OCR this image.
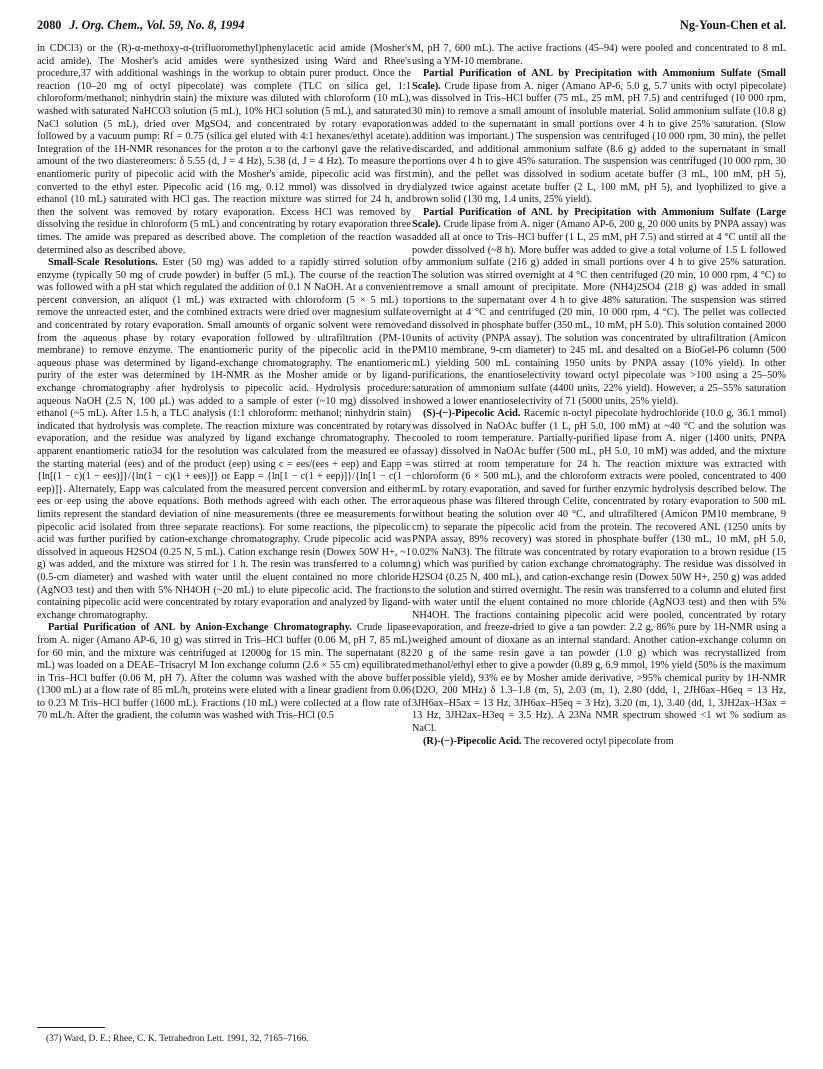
2080 J. Org. Chem., Vol. 59, No. 8, 1994	Ng-Youn-Chen et al.

in CDCl3) or the (R)-α-methoxy-α-(trifluoromethyl)phenylacetic acid amide (Mosher's acid amide). The Mosher's acid amides were synthesized using Ward and Rhee's procedure,37 with additional washings in the workup to obtain purer product. Once the reaction (10–20 mg of octyl pipecolate) was complete (TLC on silica gel, 1:1 chloroform/methanol; ninhydrin stain) the mixture was diluted with chloroform (10 mL), washed with saturated NaHCO3 solution (5 mL), 10% HCl solution (5 mL), and saturated NaCl solution (5 mL), dried over MgSO4, and concentrated by rotary evaporation followed by a vacuum pump: Rf = 0.75 (silica gel eluted with 4:1 hexanes/ethyl acetate). Integration of the 1H-NMR resonances for the proton α to the carbonyl gave the relative amount of the two diastereomers: δ 5.55 (d, J = 4 Hz), 5.38 (d, J = 4 Hz). To measure the enantiomeric purity of pipecolic acid with the Mosher's amide, pipecolic acid was first converted to the ethyl ester. Pipecolic acid (16 mg, 0.12 mmol) was dissolved in dry ethanol (10 mL) saturated with HCl gas. The reaction mixture was stirred for 24 h, and then the solvent was removed by rotary evaporation. Excess HCl was removed by dissolving the residue in chloroform (5 mL) and concentrating by rotary evaporation three times. The amide was prepared as described above. The completion of the reaction was determined also as described above.

Small-Scale Resolutions. Ester (50 mg) was added to a rapidly stirred solution of enzyme (typically 50 mg of crude powder) in buffer (5 mL). The course of the reaction was followed with a pH stat which regulated the addition of 0.1 N NaOH. At a convenient percent conversion, an aliquot (1 mL) was extracted with chloroform (5 × 5 mL) to remove the unreacted ester, and the combined extracts were dried over magnesium sulfate and concentrated by rotary evaporation. Small amounts of organic solvent were removed from the aqueous phase by rotary evaporation followed by ultrafiltration (PM-10 membrane) to remove enzyme. The enantiomeric purity of the pipecolic acid in the aqueous phase was determined by ligand-exchange chromatography. The enantiomeric purity of the ester was determined by 1H-NMR as the Mosher amide or by ligand-exchange chromatography after hydrolysis to pipecolic acid. Hydrolysis procedure: aqueous NaOH (2.5 N, 100 μL) was added to a sample of ester (~10 mg) dissolved in ethanol (~5 mL). After 1.5 h, a TLC analysis (1:1 chloroform: methanol; ninhydrin stain) indicated that hydrolysis was complete. The reaction mixture was concentrated by rotary evaporation, and the residue was analyzed by ligand exchange chromatography. The apparent enantiomeric ratio34 for the resolution was calculated from the measured ee of the starting material (ees) and of the product (eep) using c = ees/(ees + eep) and Eapp = {ln[(1 − c)(1 − ees)]}/{ln(1 − c)(1 + ees)]} or Eapp = {ln[1 − c(1 + eep)]}/{ln[1 − c(1 − eep)]}. Alternately, Eapp was calculated from the measured percent conversion and either ees or eep using the above equations. Both methods agreed with each other. The error limits represent the standard deviation of nine measurements (three ee measurements for pipecolic acid isolated from three separate reactions). For some reactions, the pipecolic acid was further purified by cation-exchange chromatography. Crude pipecolic acid was dissolved in aqueous H2SO4 (0.25 N, 5 mL). Cation exchange resin (Dowex 50W H+, ~1 g) was added, and the mixture was stirred for 1 h. The resin was transferred to a column (0.5-cm diameter) and washed with water until the eluent contained no more chloride (AgNO3 test) and then with 5% NH4OH (~20 mL) to elute pipecolic acid. The fractions containing pipecolic acid were concentrated by rotary evaporation and analyzed by ligand-exchange chromatography.

Partial Purification of ANL by Anion-Exchange Chromatography. Crude lipase from A. niger (Amano AP-6, 10 g) was stirred in Tris–HCl buffer (0.06 M, pH 7, 85 mL) for 60 min, and the mixture was centrifuged at 12000g for 15 min. The supernatant (82 mL) was loaded on a DEAE–Trisacryl M Ion exchange column (2.6 × 55 cm) equilibrated in Tris–HCl buffer (0.06 M, pH 7). After the column was washed with the above buffer (1300 mL) at a flow rate of 85 mL/h, proteins were eluted with a linear gradient from 0.06 to 0.23 M Tris–HCl buffer (1600 mL). Fractions (10 mL) were collected at a flow rate of 70 mL/h. After the gradient, the column was washed with Tris–HCl (0.5

M, pH 7, 600 mL). The active fractions (45–94) were pooled and concentrated to 8 mL using a YM-10 membrane.

Partial Purification of ANL by Precipitation with Ammonium Sulfate (Small Scale). Crude lipase from A. niger (Amano AP-6, 5.0 g, 5.7 units with octyl pipecolate) was dissolved in Tris–HCl buffer (75 mL, 25 mM, pH 7.5) and centrifuged (10 000 rpm, 30 min) to remove a small amount of insoluble material. Solid ammonium sulfate (10.8 g) was added to the supernatant in small portions over 4 h to give 25% saturation. (Slow addition was important.) The suspension was centrifuged (10 000 rpm, 30 min), the pellet discarded, and additional ammonium sulfate (8.6 g) added to the supernatant in small portions over 4 h to give 45% saturation. The suspension was centrifuged (10 000 rpm, 30 min), and the pellet was dissolved in sodium acetate buffer (3 mL, 100 mM, pH 5), dialyzed twice against acetate buffer (2 L, 100 mM, pH 5), and lyophilized to give a brown solid (130 mg, 1.4 units, 25% yield).

Partial Purification of ANL by Precipitation with Ammonium Sulfate (Large Scale). Crude lipase from A. niger (Amano AP-6, 200 g, 20 000 units by PNPA assay) was added all at once to Tris–HCl buffer (1 L, 25 mM, pH 7.5) and stirred at 4 °C until all the powder dissolved (~8 h). More buffer was added to give a total volume of 1.5 L followed by ammonium sulfate (216 g) added in small portions over 4 h to give 25% saturation. The solution was stirred overnight at 4 °C then centrifuged (20 min, 10 000 rpm, 4 °C) to remove a small amount of precipitate. More (NH4)2SO4 (218 g) was added in small portions to the supernatant over 4 h to give 48% saturation. The suspension was stirred overnight at 4 °C and centrifuged (20 min, 10 000 rpm, 4 °C). The pellet was collected and dissolved in phosphate buffer (350 mL, 10 mM, pH 5.0). This solution contained 2000 units of activity (PNPA assay). The solution was concentrated by ultrafiltration (Amicon PM10 membrane, 9-cm diameter) to 245 mL and desalted on a BioGel-P6 column (500 mL) yielding 500 mL containing 1950 units by PNPA assay (10% yield). In other purifications, the enantioselectivity toward octyl pipecolate was >100 using a 25–50% saturation of ammonium sulfate (4400 units, 22% yield). However, a 25–55% saturation showed a lower enantioselectivity of 71 (5000 units, 25% yield).

(S)-(−)-Pipecolic Acid. Racemic n-octyl pipecolate hydrochloride (10.0 g, 36.1 mmol) was dissolved in NaOAc buffer (1 L, pH 5.0, 100 mM) at ~40 °C and the solution was cooled to room temperature. Partially-purified lipase from A. niger (1400 units, PNPA assay) dissolved in NaOAc buffer (500 mL, pH 5.0, 10 mM) was added, and the mixture was stirred at room temperature for 24 h. The reaction mixture was extracted with chloroform (6 × 500 mL), and the chloroform extracts were pooled, concentrated to 400 mL by rotary evaporation, and saved for further enzymic hydrolysis described below. The aqueous phase was filtered through Celite, concentrated by rotary evaporation to 500 mL without heating the solution over 40 °C, and ultrafiltered (Amicon PM10 membrane, 9 cm) to separate the pipecolic acid from the protein. The recovered ANL (1250 units by PNPA assay, 89% recovery) was stored in phosphate buffer (130 mL, 10 mM, pH 5.0, 0.02% NaN3). The filtrate was concentrated by rotary evaporation to a brown residue (15 g) which was purified by cation exchange chromatography. The residue was dissolved in H2SO4 (0.25 N, 400 mL), and cation-exchange resin (Dowex 50W H+, 250 g) was added to the solution and stirred overnight. The resin was transferred to a column and eluted first with water until the eluent contained no more chloride (AgNO3 test) and then with 5% NH4OH. The fractions containing pipecolic acid were pooled, concentrated by rotary evaporation, and freeze-dried to give a tan powder: 2.2 g, 86% pure by 1H-NMR using a weighed amount of dioxane as an internal standard. Another cation-exchange column on 20 g of the same resin gave a tan powder (1.0 g) which was recrystallized from methanol/ethyl ether to give a powder (0.89 g, 6.9 mmol, 19% yield (50% is the maximum possible yield), 93% ee by Mosher amide derivative, >95% chemical purity by 1H-NMR (D2O, 200 MHz) δ 1.3–1.8 (m, 5), 2.03 (m, 1), 2.80 (ddd, 1, 2JH6ax–H6eq = 13 Hz, 3JH6ax–H5ax = 13 Hz, 3JH6ax–H5eq = 3 Hz), 3.20 (m, 1), 3.40 (dd, 1, 3JH2ax–H3ax = 13 Hz, 3JH2ax–H3eq = 3.5 Hz). A 23Na NMR spectrum showed <1 wt % sodium as NaCl.

(R)-(−)-Pipecolic Acid. The recovered octyl pipecolate from

(37) Ward, D. E.; Rhee, C. K. Tetrahedron Lett. 1991, 32, 7165–7166.
